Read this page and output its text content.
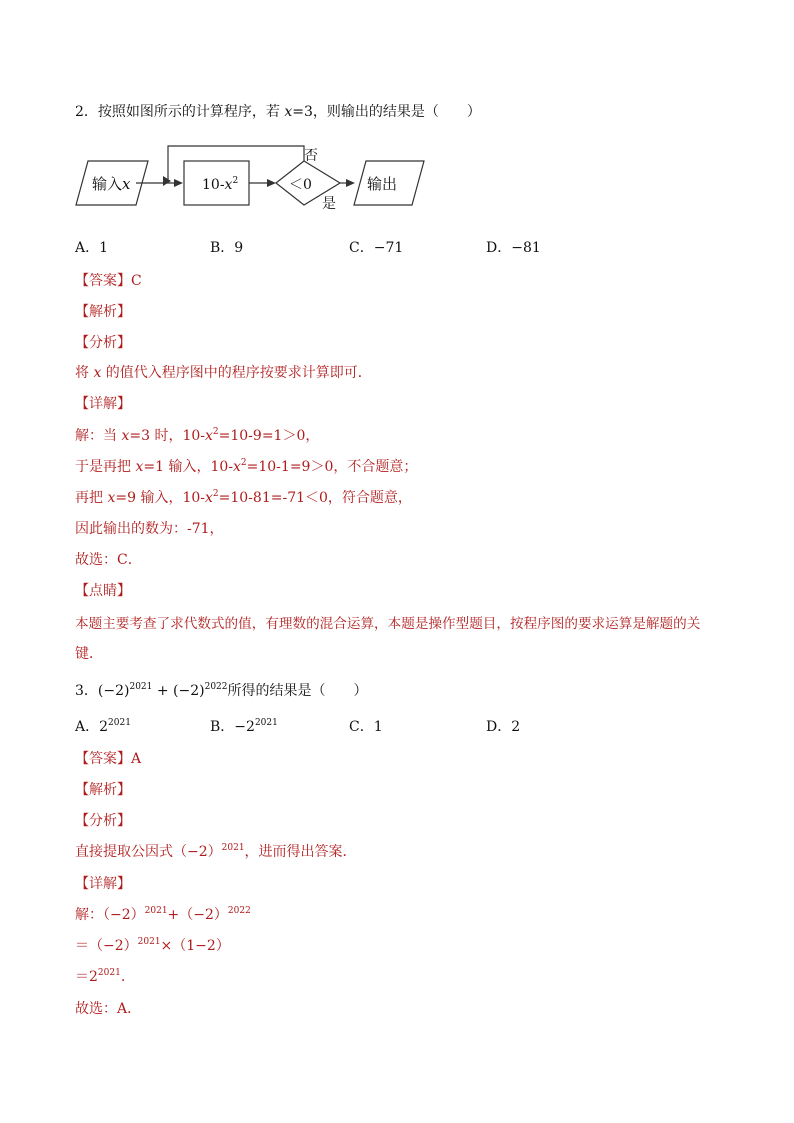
2．按照如图所示的计算程序，若 x=3，则输出的结果是（　　）
输入x	$10-x^2$	＜0
否
是
输出
A．1	B．9	C．−71	D．−81
【答案】C
【解析】
【分析】
将 x 的值代入程序图中的程序按要求计算即可．
【详解】
解：当 x=3 时，$10-x^2=10-9=1>0$，
于是再把 x=1 输入，$10-x^2=10-1=9>0$，不合题意；
再把 x=9 输入，$10-x^2=10-81=-71<0$，符合题意，
因此输出的数为：-71，
故选：C．
【点睛】
本题主要考查了求代数式的值，有理数的混合运算，本题是操作型题目，按程序图的要求运算是解题的关
键．
3．$(-2)^{2021} + (-2)^{2022}$所得的结果是（　　）
A．$2^{2021}$	B．$-2^{2021}$	C．1	D．2
【答案】A
【解析】
【分析】
直接提取公因式$(-2)^{2021}$，进而得出答案．
【详解】
解：$(-2)^{2021}+(-2)^{2022}$
$=(-2)^{2021}\times(1-2)$
$=2^{2021}$.
故选：A．
